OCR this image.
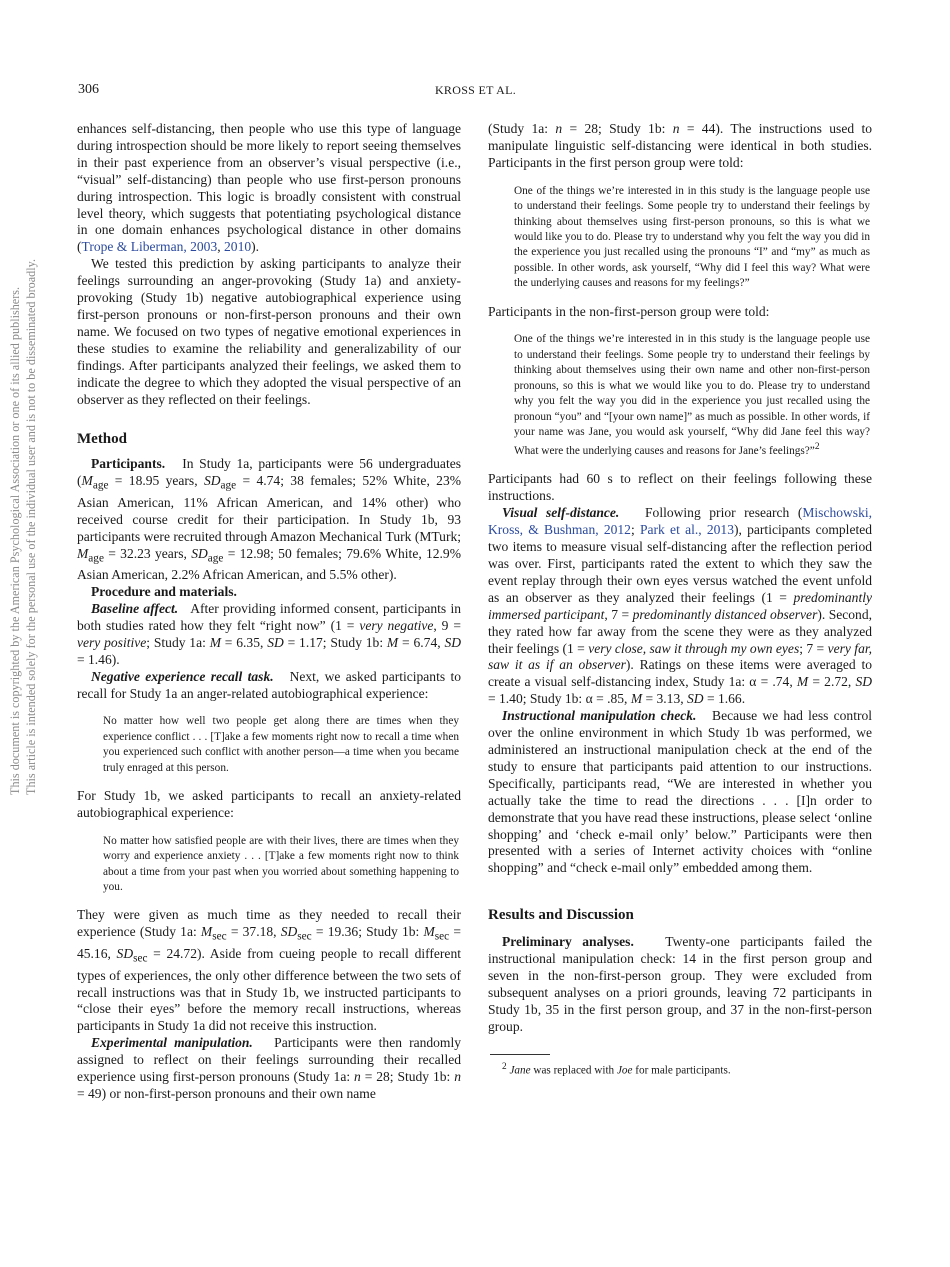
306	KROSS ET AL.
This document is copyrighted by the American Psychological Association or one of its allied publishers. This article is intended solely for the personal use of the individual user and is not to be disseminated broadly.

enhances self-distancing, then people who use this type of language during introspection should be more likely to report seeing themselves in their past experience from an observer’s visual perspective (i.e., “visual” self-distancing) than people who use first-person pronouns during introspection. This logic is broadly consistent with construal level theory, which suggests that potentiating psychological distance in one domain enhances psychological distance in other domains (Trope & Liberman, 2003, 2010).

We tested this prediction by asking participants to analyze their feelings surrounding an anger-provoking (Study 1a) and anxiety-provoking (Study 1b) negative autobiographical experience using first-person pronouns or non-first-person pronouns and their own name. We focused on two types of negative emotional experiences in these studies to examine the reliability and generalizability of our findings. After participants analyzed their feelings, we asked them to indicate the degree to which they adopted the visual perspective of an observer as they reflected on their feelings.

Method

Participants. In Study 1a, participants were 56 undergraduates ($M_{age} = 18.95$ years, $SD_{age} = 4.74$; 38 females; 52% White, 23% Asian American, 11% African American, and 14% other) who received course credit for their participation. In Study 1b, 93 participants were recruited through Amazon Mechanical Turk (MTurk; $M_{age} = 32.23$ years, $SD_{age} = 12.98$; 50 females; 79.6% White, 12.9% Asian American, 2.2% African American, and 5.5% other).

Procedure and materials.

Baseline affect. After providing informed consent, participants in both studies rated how they felt “right now” (1 = very negative, 9 = very positive; Study 1a: M = 6.35, SD = 1.17; Study 1b: M = 6.74, SD = 1.46).

Negative experience recall task. Next, we asked participants to recall for Study 1a an anger-related autobiographical experience:

No matter how well two people get along there are times when they experience conflict . . . [T]ake a few moments right now to recall a time when you experienced such conflict with another person—a time when you became truly enraged at this person.

For Study 1b, we asked participants to recall an anxiety-related autobiographical experience:

No matter how satisfied people are with their lives, there are times when they worry and experience anxiety . . . [T]ake a few moments right now to think about a time from your past when you worried about something happening to you.

They were given as much time as they needed to recall their experience (Study 1a: $M_{sec} = 37.18$, $SD_{sec} = 19.36$; Study 1b: $M_{sec} = 45.16$, $SD_{sec} = 24.72$). Aside from cueing people to recall different types of experiences, the only other difference between the two sets of recall instructions was that in Study 1b, we instructed participants to “close their eyes” before the memory recall instructions, whereas participants in Study 1a did not receive this instruction.

Experimental manipulation. Participants were then randomly assigned to reflect on their feelings surrounding their recalled experience using first-person pronouns (Study 1a: n = 28; Study 1b: n = 49) or non-first-person pronouns and their own name

(Study 1a: n = 28; Study 1b: n = 44). The instructions used to manipulate linguistic self-distancing were identical in both studies. Participants in the first person group were told:

One of the things we’re interested in in this study is the language people use to understand their feelings. Some people try to understand their feelings by thinking about themselves using first-person pronouns, so this is what we would like you to do. Please try to understand why you felt the way you did in the experience you just recalled using the pronouns “I” and “my” as much as possible. In other words, ask yourself, “Why did I feel this way? What were the underlying causes and reasons for my feelings?”

Participants in the non-first-person group were told:

One of the things we’re interested in in this study is the language people use to understand their feelings. Some people try to understand their feelings by thinking about themselves using their own name and other non-first-person pronouns, so this is what we would like you to do. Please try to understand why you felt the way you did in the experience you just recalled using the pronoun “you” and “[your own name]” as much as possible. In other words, if your name was Jane, you would ask yourself, “Why did Jane feel this way? What were the underlying causes and reasons for Jane’s feelings?”$^2$

Participants had 60 s to reflect on their feelings following these instructions.

Visual self-distance. Following prior research (Mischowski, Kross, & Bushman, 2012; Park et al., 2013), participants completed two items to measure visual self-distancing after the reflection period was over. First, participants rated the extent to which they saw the event replay through their own eyes versus watched the event unfold as an observer as they analyzed their feelings (1 = predominantly immersed participant, 7 = predominantly distanced observer). Second, they rated how far away from the scene they were as they analyzed their feelings (1 = very close, saw it through my own eyes; 7 = very far, saw it as if an observer). Ratings on these items were averaged to create a visual self-distancing index, Study 1a: α = .74, M = 2.72, SD = 1.40; Study 1b: α = .85, M = 3.13, SD = 1.66.

Instructional manipulation check. Because we had less control over the online environment in which Study 1b was performed, we administered an instructional manipulation check at the end of the study to ensure that participants paid attention to our instructions. Specifically, participants read, “We are interested in whether you actually take the time to read the directions . . . [I]n order to demonstrate that you have read these instructions, please select ‘online shopping’ and ‘check e-mail only’ below.” Participants were then presented with a series of Internet activity choices with “online shopping” and “check e-mail only” embedded among them.

Results and Discussion

Preliminary analyses. Twenty-one participants failed the instructional manipulation check: 14 in the first person group and seven in the non-first-person group. They were excluded from subsequent analyses on a priori grounds, leaving 72 participants in Study 1b, 35 in the first person group, and 37 in the non-first-person group.

$^2$ Jane was replaced with Joe for male participants.
